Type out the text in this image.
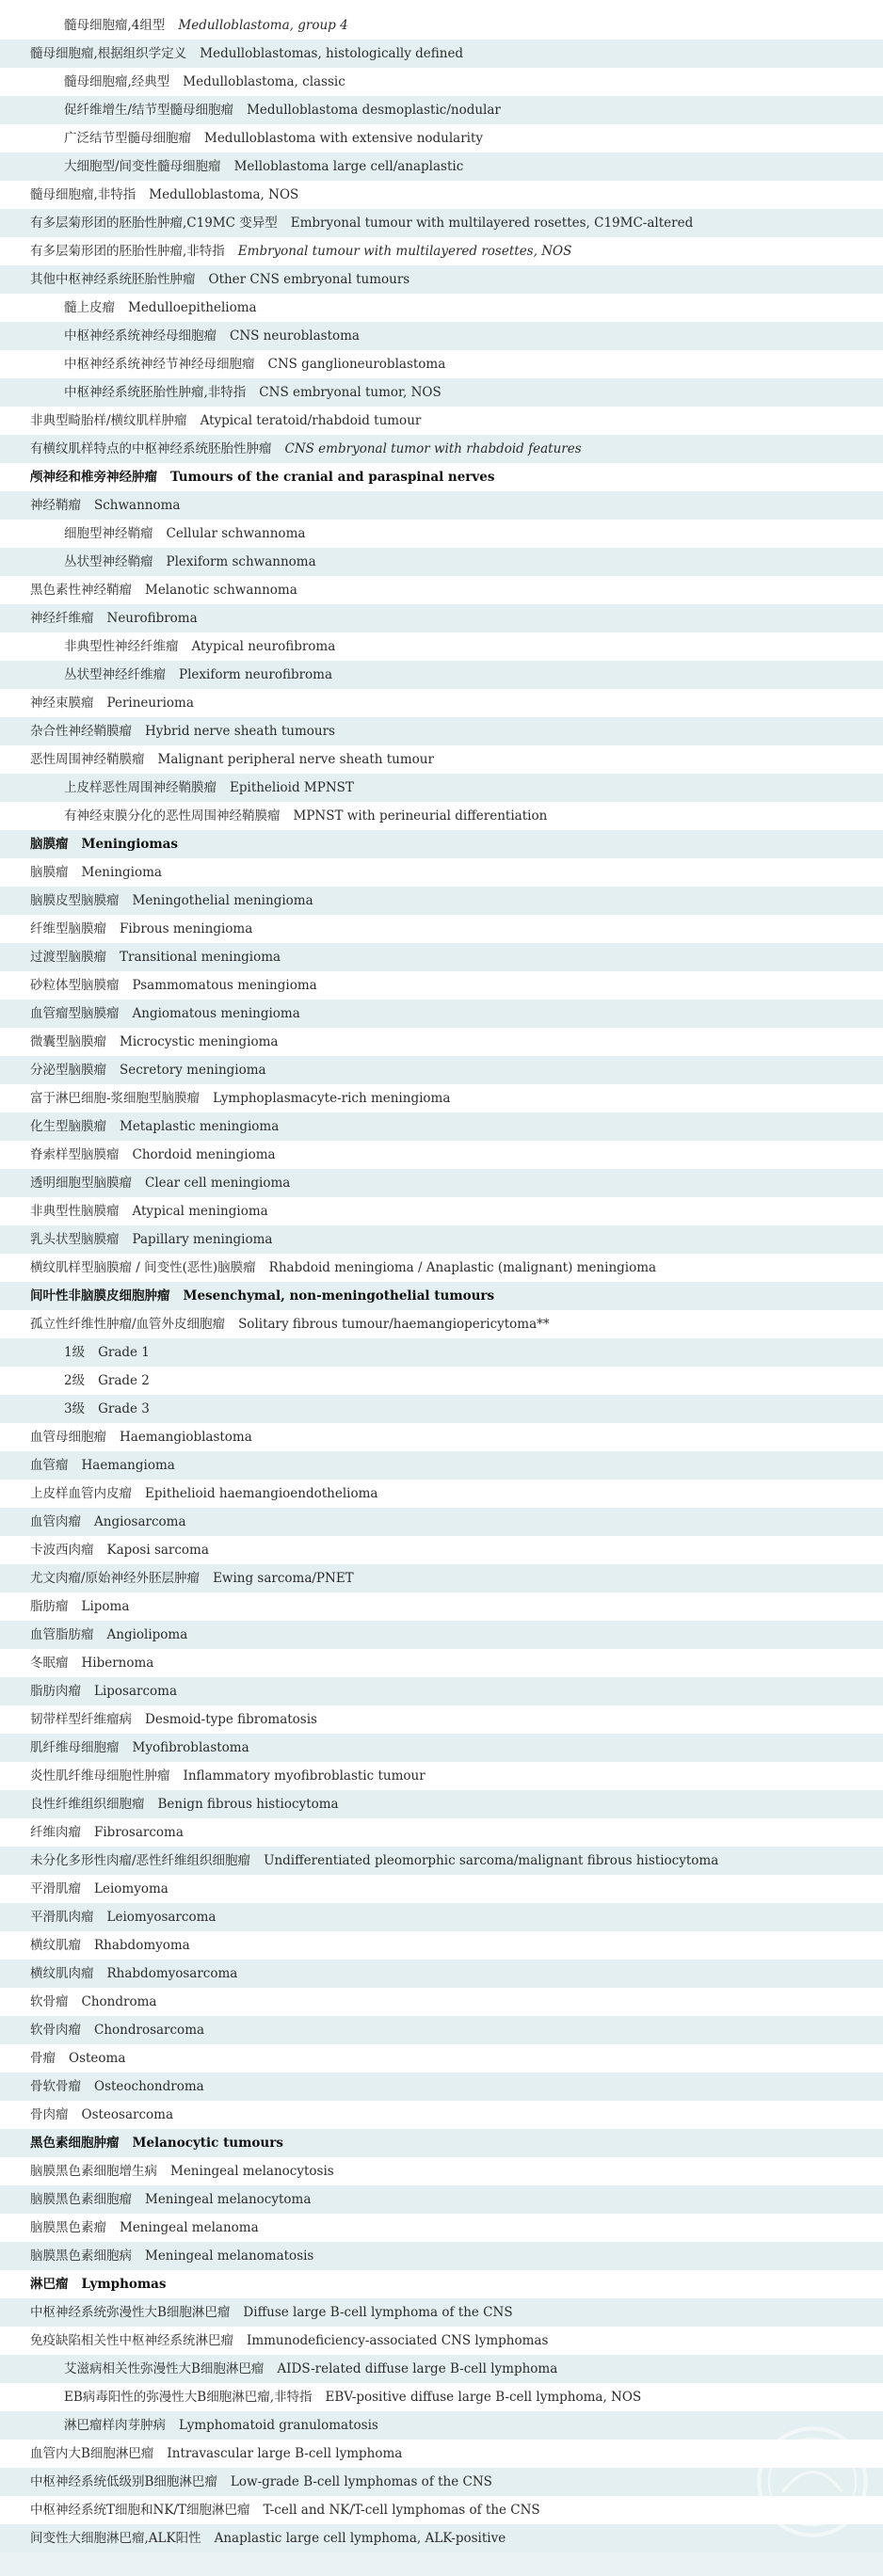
髓母细胞瘤,4组型 Medulloblastoma, group 4
髓母细胞瘤,根据组织学定义 Medulloblastomas, histologically defined
髓母细胞瘤,经典型 Medulloblastoma, classic
促纤维增生/结节型髓母细胞瘤 Medulloblastoma desmoplastic/nodular
广泛结节型髓母细胞瘤 Medulloblastoma with extensive nodularity
大细胞型/间变性髓母细胞瘤 Melloblastoma large cell/anaplastic
髓母细胞瘤,非特指 Medulloblastoma, NOS
有多层菊形团的胚胎性肿瘤,C19MC 变异型 Embryonal tumour with multilayered rosettes, C19MC-altered
有多层菊形团的胚胎性肿瘤,非特指 Embryonal tumour with multilayered rosettes, NOS
其他中枢神经系统胚胎性肿瘤 Other CNS embryonal tumours
髓上皮瘤 Medulloepithelioma
中枢神经系统神经母细胞瘤 CNS neuroblastoma
中枢神经系统神经节神经母细胞瘤 CNS ganglioneuroblastoma
中枢神经系统胚胎性肿瘤,非特指 CNS embryonal tumor, NOS
非典型畸胎样/横纹肌样肿瘤 Atypical teratoid/rhabdoid tumour
有横纹肌样特点的中枢神经系统胚胎性肿瘤 CNS embryonal tumor with rhabdoid features
颅神经和椎旁神经肿瘤 Tumours of the cranial and paraspinal nerves
神经鞘瘤 Schwannoma
细胞型神经鞘瘤 Cellular schwannoma
丛状型神经鞘瘤 Plexiform schwannoma
黑色素性神经鞘瘤 Melanotic schwannoma
神经纤维瘤 Neurofibroma
非典型性神经纤维瘤 Atypical neurofibroma
丛状型神经纤维瘤 Plexiform neurofibroma
神经束膜瘤 Perineurioma
杂合性神经鞘膜瘤 Hybrid nerve sheath tumours
恶性周围神经鞘膜瘤 Malignant peripheral nerve sheath tumour
上皮样恶性周围神经鞘膜瘤 Epithelioid MPNST
有神经束膜分化的恶性周围神经鞘膜瘤 MPNST with perineurial differentiation
脑膜瘤 Meningiomas
脑膜瘤 Meningioma
脑膜皮型脑膜瘤 Meningothelial meningioma
纤维型脑膜瘤 Fibrous meningioma
过渡型脑膜瘤 Transitional meningioma
砂粒体型脑膜瘤 Psammomatous meningioma
血管瘤型脑膜瘤 Angiomatous meningioma
微囊型脑膜瘤 Microcystic meningioma
分泌型脑膜瘤 Secretory meningioma
富于淋巴细胞-浆细胞型脑膜瘤 Lymphoplasmacyte-rich meningioma
化生型脑膜瘤 Metaplastic meningioma
脊索样型脑膜瘤 Chordoid meningioma
透明细胞型脑膜瘤 Clear cell meningioma
非典型性脑膜瘤 Atypical meningioma
乳头状型脑膜瘤 Papillary meningioma
横纹肌样型脑膜瘤 / 间变性(恶性)脑膜瘤 Rhabdoid meningioma / Anaplastic (malignant) meningioma
间叶性非脑膜皮细胞肿瘤 Mesenchymal, non-meningothelial tumours
孤立性纤维性肿瘤/血管外皮细胞瘤 Solitary fibrous tumour/haemangiopericytoma**
1级 Grade 1
2级 Grade 2
3级 Grade 3
血管母细胞瘤 Haemangioblastoma
血管瘤 Haemangioma
上皮样血管内皮瘤 Epithelioid haemangioendothelioma
血管肉瘤 Angiosarcoma
卡波西肉瘤 Kaposi sarcoma
尤文肉瘤/原始神经外胚层肿瘤 Ewing sarcoma/PNET
脂肪瘤 Lipoma
血管脂肪瘤 Angiolipoma
冬眠瘤 Hibernoma
脂肪肉瘤 Liposarcoma
韧带样型纤维瘤病 Desmoid-type fibromatosis
肌纤维母细胞瘤 Myofibroblastoma
炎性肌纤维母细胞性肿瘤 Inflammatory myofibroblastic tumour
良性纤维组织细胞瘤 Benign fibrous histiocytoma
纤维肉瘤 Fibrosarcoma
未分化多形性肉瘤/恶性纤维组织细胞瘤 Undifferentiated pleomorphic sarcoma/malignant fibrous histiocytoma
平滑肌瘤 Leiomyoma
平滑肌肉瘤 Leiomyosarcoma
横纹肌瘤 Rhabdomyoma
横纹肌肉瘤 Rhabdomyosarcoma
软骨瘤 Chondroma
软骨肉瘤 Chondrosarcoma
骨瘤 Osteoma
骨软骨瘤 Osteochondroma
骨肉瘤 Osteosarcoma
黑色素细胞肿瘤 Melanocytic tumours
脑膜黑色素细胞增生病 Meningeal melanocytosis
脑膜黑色素细胞瘤 Meningeal melanocytoma
脑膜黑色素瘤 Meningeal melanoma
脑膜黑色素细胞病 Meningeal melanomatosis
淋巴瘤 Lymphomas
中枢神经系统弥漫性大B细胞淋巴瘤 Diffuse large B-cell lymphoma of the CNS
免疫缺陷相关性中枢神经系统淋巴瘤 Immunodeficiency-associated CNS lymphomas
艾滋病相关性弥漫性大B细胞淋巴瘤 AIDS-related diffuse large B-cell lymphoma
EB病毒阳性的弥漫性大B细胞淋巴瘤,非特指 EBV-positive diffuse large B-cell lymphoma, NOS
淋巴瘤样肉芽肿病 Lymphomatoid granulomatosis
血管内大B细胞淋巴瘤 Intravascular large B-cell lymphoma
中枢神经系统低级别B细胞淋巴瘤 Low-grade B-cell lymphomas of the CNS
中枢神经系统T细胞和NK/T细胞淋巴瘤 T-cell and NK/T-cell lymphomas of the CNS
间变性大细胞淋巴瘤,ALK阳性 Anaplastic large cell lymphoma, ALK-positive
